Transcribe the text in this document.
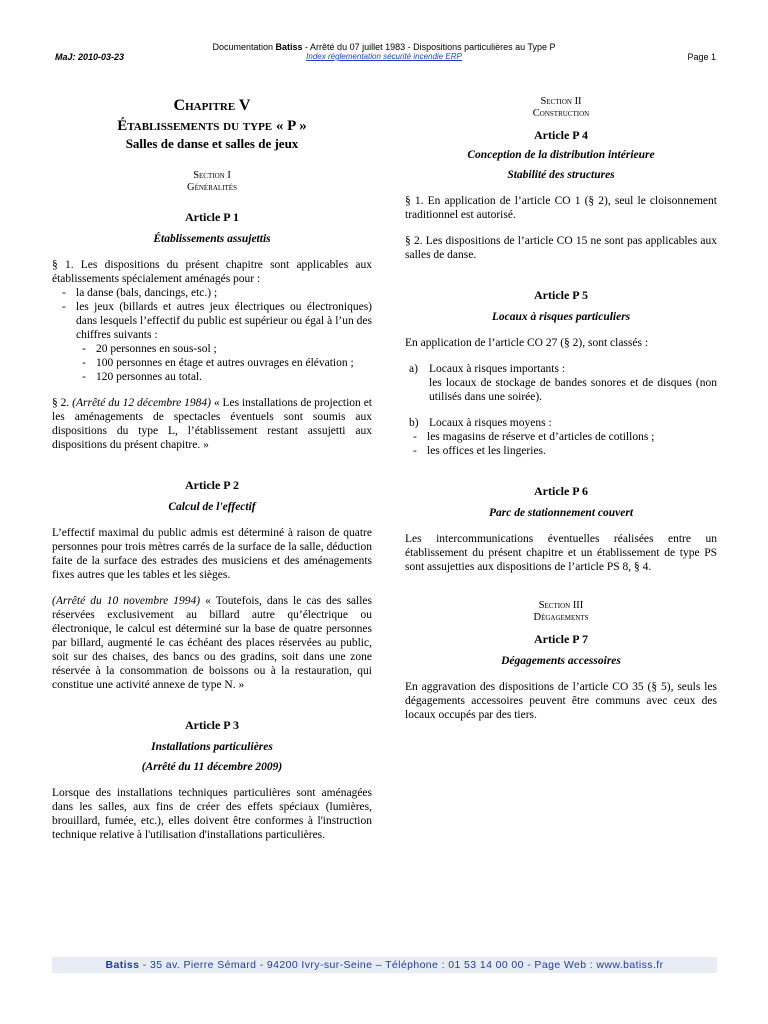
Documentation Batiss - Arrêté du 07 juillet 1983 - Dispositions particulières au Type P
Index réglementation sécurité incendie ERP
MaJ: 2010-03-23	Page 1

Chapitre V

Établissements du type « P »

Salles de danse et salles de jeux

Section I

Généralités

Article P 1

Établissements assujettis

§ 1. Les dispositions du présent chapitre sont applicables aux établissements spécialement aménagés pour :

- la danse (bals, dancings, etc.) ;
- les jeux (billards et autres jeux électriques ou électroniques) dans lesquels l’effectif du public est supérieur ou égal à l’un des chiffres suivants :
- 20 personnes en sous-sol ;
- 100 personnes en étage et autres ouvrages en élévation ;
- 120 personnes au total.

§ 2. (Arrêté du 12 décembre 1984) « Les installations de projection et les aménagements de spectacles éventuels sont soumis aux dispositions du type L, l’établissement restant assujetti aux dispositions du présent chapitre. »

Article P 2

Calcul de l'effectif

L’effectif maximal du public admis est déterminé à raison de quatre personnes pour trois mètres carrés de la surface de la salle, déduction faite de la surface des estrades des musiciens et des aménagements fixes autres que les tables et les sièges.

(Arrêté du 10 novembre 1994) « Toutefois, dans le cas des salles réservées exclusivement au billard autre qu’électrique ou électronique, le calcul est déterminé sur la base de quatre personnes par billard, augmenté le cas échéant des places réservées au public, soit sur des chaises, des bancs ou des gradins, soit dans une zone réservée à la consommation de boissons ou à la restauration, qui constitue une activité annexe de type N. »

Article P 3

Installations particulières

(Arrêté du 11 décembre 2009)

Lorsque des installations techniques particulières sont aménagées dans les salles, aux fins de créer des effets spéciaux (lumières, brouillard, fumée, etc.), elles doivent être conformes à l'instruction technique relative à l'utilisation d'installations particulières.

Section II

Construction

Article P 4

Conception de la distribution intérieure

Stabilité des structures

§ 1. En application de l’article CO 1 (§ 2), seul le cloisonnement traditionnel est autorisé.

§ 2. Les dispositions de l’article CO 15 ne sont pas applicables aux salles de danse.

Article P 5

Locaux à risques particuliers

En application de l’article CO 27 (§ 2), sont classés :

a) Locaux à risques importants :

les locaux de stockage de bandes sonores et de disques (non utilisés dans une soirée).

b) Locaux à risques moyens :

- les magasins de réserve et d’articles de cotillons ;
- les offices et les lingeries.

Article P 6

Parc de stationnement couvert

Les intercommunications éventuelles réalisées entre un établissement du présent chapitre et un établissement de type PS sont assujetties aux dispositions de l’article PS 8, § 4.

Section III

Dégagements

Article P 7

Dégagements accessoires

En aggravation des dispositions de l’article CO 35 (§ 5), seuls les dégagements accessoires peuvent être communs avec ceux des locaux occupés par des tiers.

Batiss - 35 av. Pierre Sémard - 94200 Ivry-sur-Seine – Téléphone : 01 53 14 00 00 - Page Web : www.batiss.fr
